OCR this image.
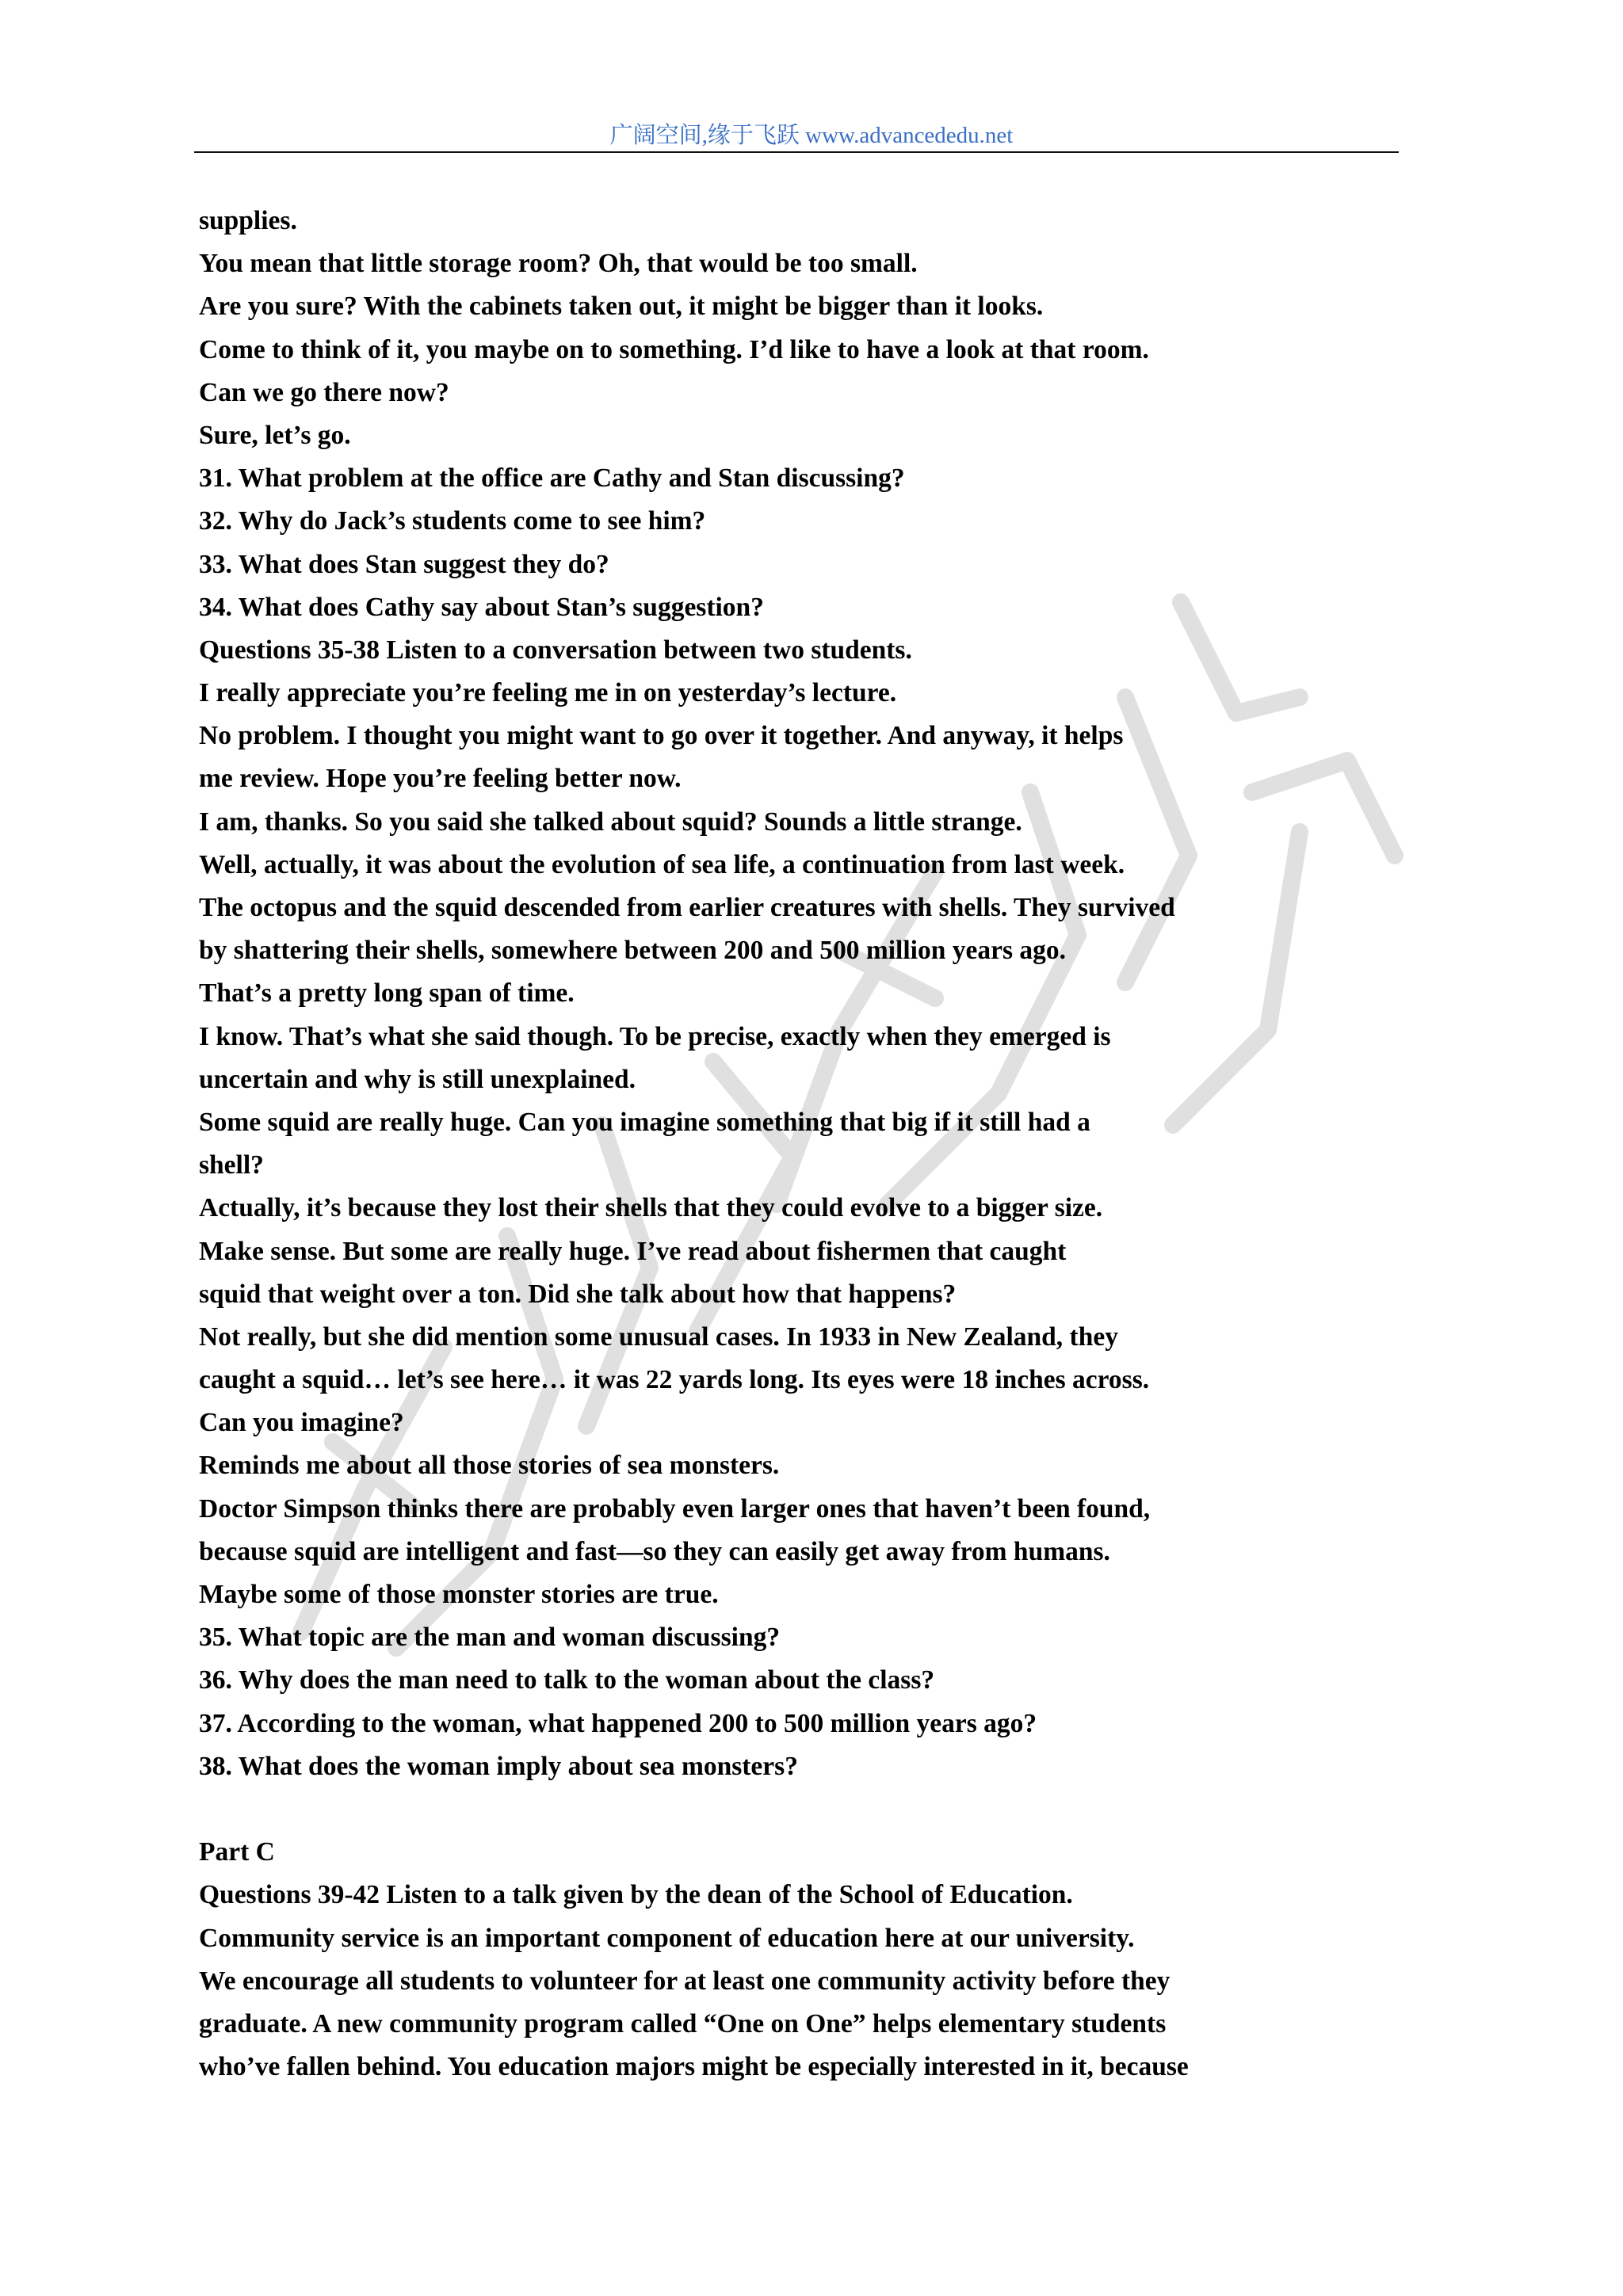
广阔空间,缘于飞跃 www.advancededu.net
supplies.
You mean that little storage room? Oh, that would be too small.
Are you sure? With the cabinets taken out, it might be bigger than it looks.
Come to think of it, you maybe on to something. I’d like to have a look at that room.
Can we go there now?
Sure, let’s go.
31. What problem at the office are Cathy and Stan discussing?
32. Why do Jack’s students come to see him?
33. What does Stan suggest they do?
34. What does Cathy say about Stan’s suggestion?
Questions 35-38 Listen to a conversation between two students.
I really appreciate you’re feeling me in on yesterday’s lecture.
No problem. I thought you might want to go over it together. And anyway, it helps
me review. Hope you’re feeling better now.
I am, thanks. So you said she talked about squid? Sounds a little strange.
Well, actually, it was about the evolution of sea life, a continuation from last week.
The octopus and the squid descended from earlier creatures with shells. They survived
by shattering their shells, somewhere between 200 and 500 million years ago.
That’s a pretty long span of time.
I know. That’s what she said though. To be precise, exactly when they emerged is
uncertain and why is still unexplained.
Some squid are really huge. Can you imagine something that big if it still had a
shell?
Actually, it’s because they lost their shells that they could evolve to a bigger size.
Make sense. But some are really huge. I’ve read about fishermen that caught
squid that weight over a ton. Did she talk about how that happens?
Not really, but she did mention some unusual cases. In 1933 in New Zealand, they
caught a squid… let’s see here… it was 22 yards long. Its eyes were 18 inches across.
Can you imagine?
Reminds me about all those stories of sea monsters.
Doctor Simpson thinks there are probably even larger ones that haven’t been found,
because squid are intelligent and fast—so they can easily get away from humans.
Maybe some of those monster stories are true.
35. What topic are the man and woman discussing?
36. Why does the man need to talk to the woman about the class?
37. According to the woman, what happened 200 to 500 million years ago?
38. What does the woman imply about sea monsters?
Part C
Questions 39-42 Listen to a talk given by the dean of the School of Education.
Community service is an important component of education here at our university.
We encourage all students to volunteer for at least one community activity before they
graduate. A new community program called “One on One” helps elementary students
who’ve fallen behind. You education majors might be especially interested in it, because
